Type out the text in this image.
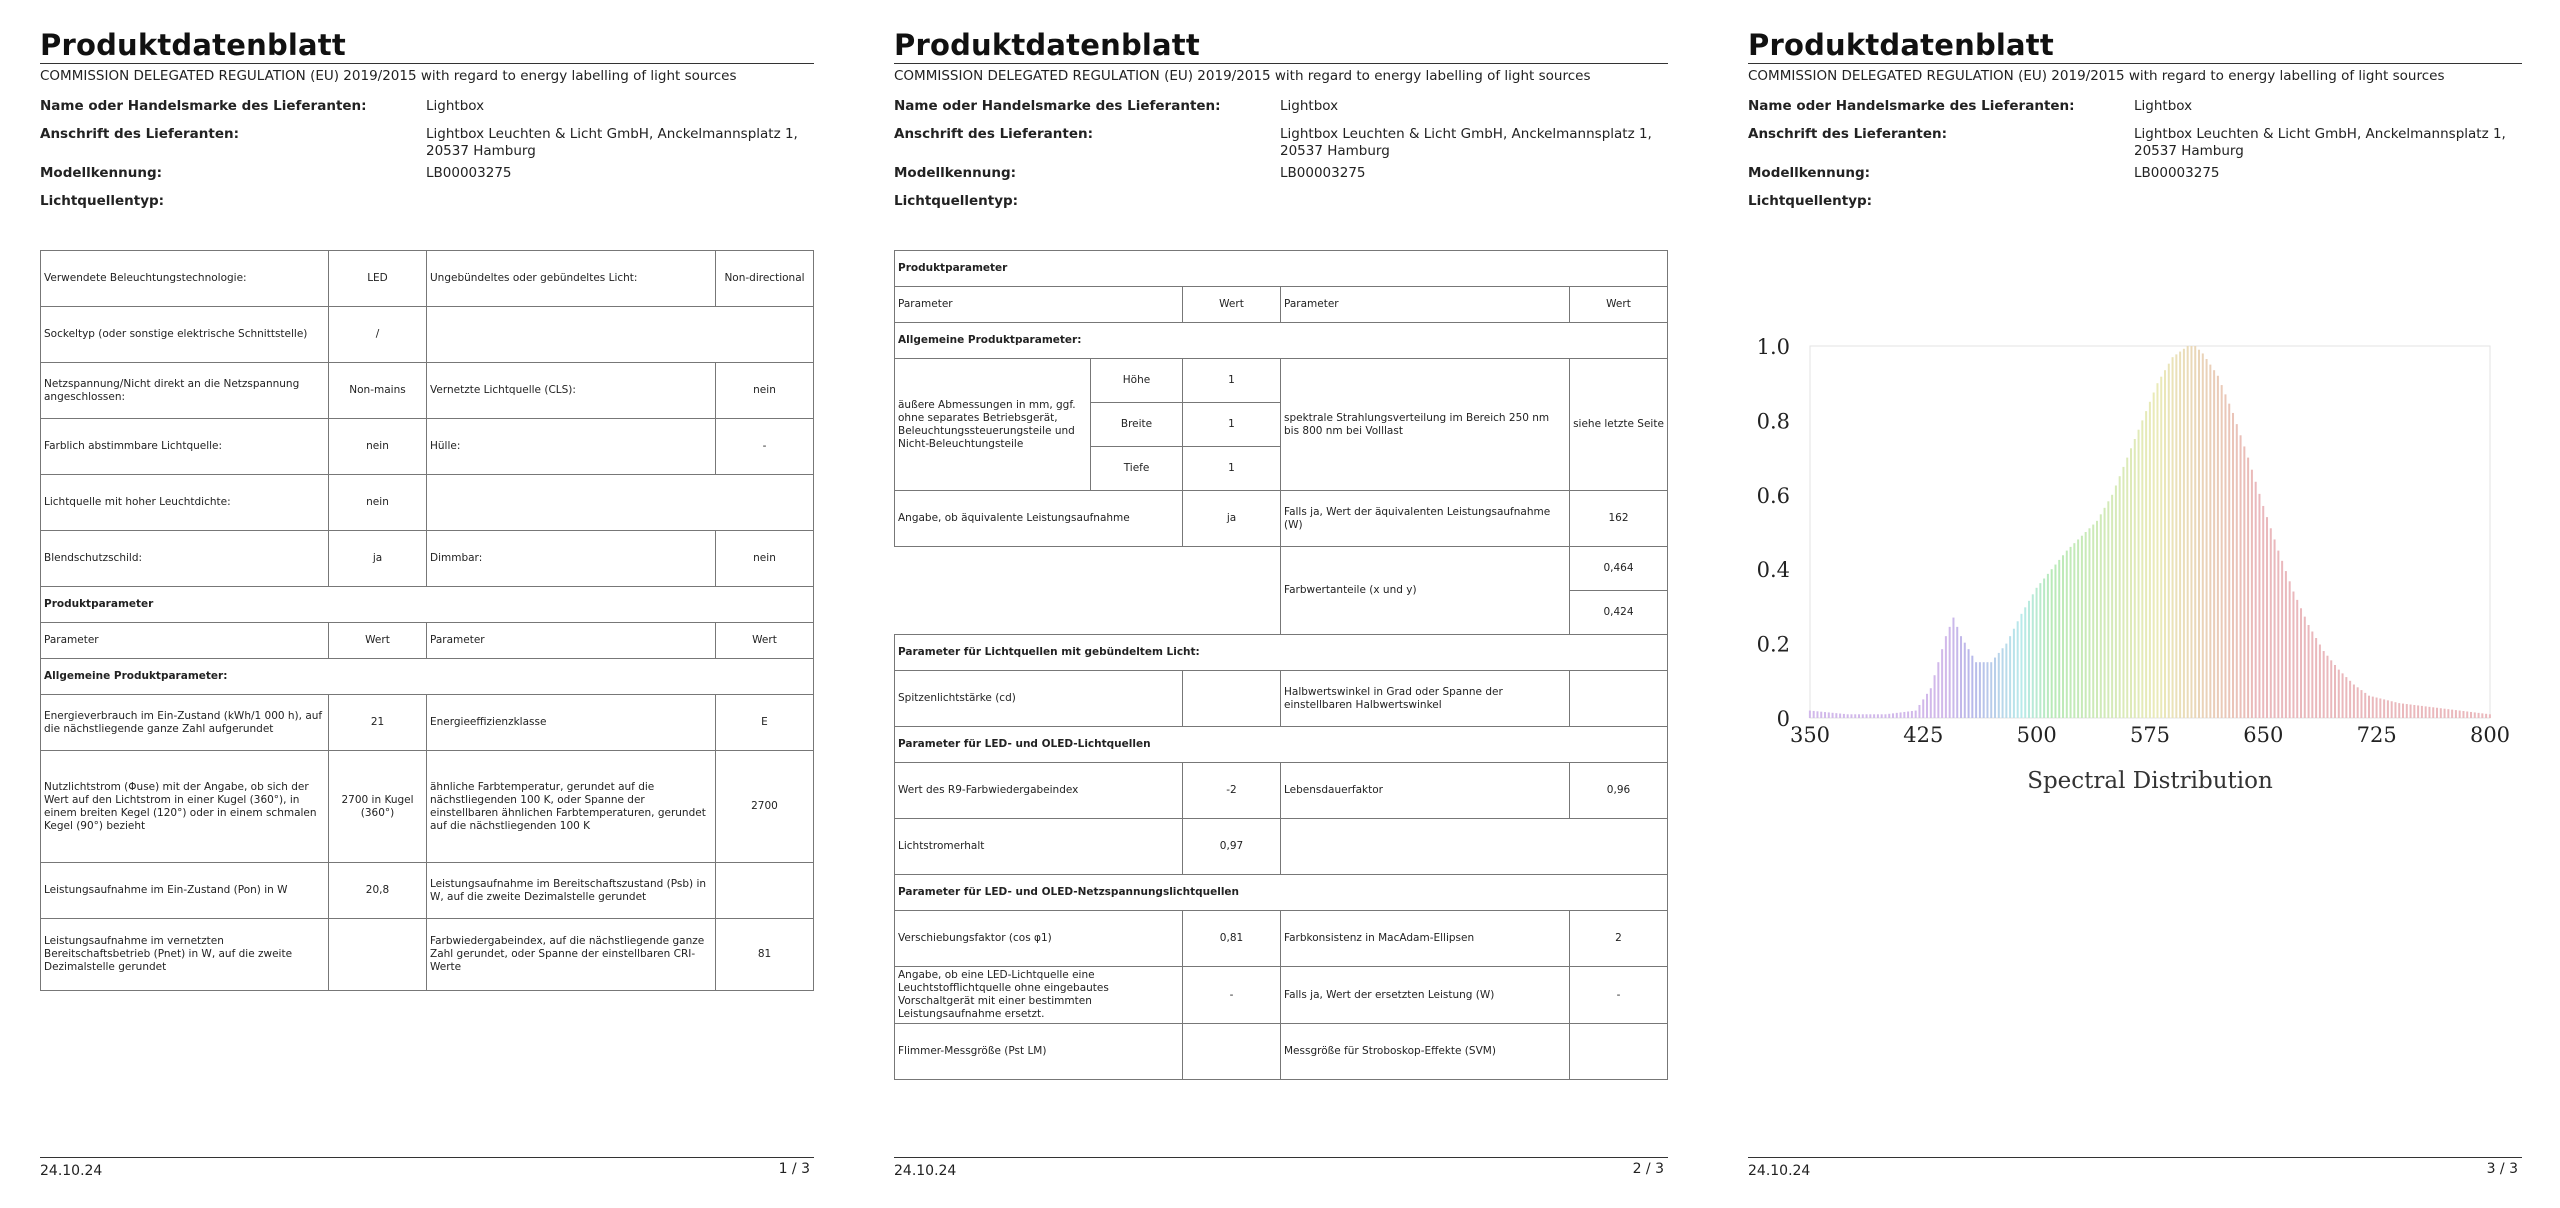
Produktdatenblatt
COMMISSION DELEGATED REGULATION (EU) 2019/2015 with regard to energy labelling of light sources
Name oder Handelsmarke des Lieferanten:	Lightbox
Anschrift des Lieferanten:	Lightbox Leuchten & Licht GmbH, Anckelmannsplatz 1, 20537 Hamburg
Modellkennung:	LB00003275
Lichtquellentyp:
Verwendete Beleuchtungstechnologie:	LED	Ungebündeltes oder gebündeltes Licht:	Non-directional
Sockeltyp (oder sonstige elektrische Schnittstelle)	/		
Netzspannung/Nicht direkt an die Netzspannung angeschlossen:	Non-mains	Vernetzte Lichtquelle (CLS):	nein
Farblich abstimmbare Lichtquelle:	nein	Hülle:	-
Lichtquelle mit hoher Leuchtdichte:	nein		
Blendschutzschild:	ja	Dimmbar:	nein
Produktparameter			
Parameter	Wert	Parameter	Wert
Allgemeine Produktparameter:			
Energieverbrauch im Ein-Zustand (kWh/1 000 h), auf die nächstliegende ganze Zahl aufgerundet	21	Energieeffizienzklasse	E
Nutzlichtstrom (Φuse) mit der Angabe, ob sich der Wert auf den Lichtstrom in einer Kugel (360°), in einem breiten Kegel (120°) oder in einem schmalen Kegel (90°) bezieht	2700 in Kugel (360°)	ähnliche Farbtemperatur, gerundet auf die nächstliegenden 100 K, oder Spanne der einstellbaren ähnlichen Farbtemperaturen, gerundet auf die nächstliegenden 100 K	2700
Leistungsaufnahme im Ein-Zustand (Pon) in W	20,8	Leistungsaufnahme im Bereitschaftszustand (Psb) in W, auf die zweite Dezimalstelle gerundet	
Leistungsaufnahme im vernetzten Bereitschaftsbetrieb (Pnet) in W, auf die zweite Dezimalstelle gerundet		Farbwiedergabeindex, auf die nächstliegende ganze Zahl gerundet, oder Spanne der einstellbaren CRI-Werte	81
24.10.24	1 / 3
Produktdatenblatt
COMMISSION DELEGATED REGULATION (EU) 2019/2015 with regard to energy labelling of light sources
Name oder Handelsmarke des Lieferanten:	Lightbox
Anschrift des Lieferanten:	Lightbox Leuchten & Licht GmbH, Anckelmannsplatz 1, 20537 Hamburg
Modellkennung:	LB00003275
Lichtquellentyp:
Produktparameter				
Parameter		Wert	Parameter	Wert
Allgemeine Produktparameter:				
äußere Abmessungen in mm, ggf. ohne separates Betriebsgerät, Beleuchtungssteuerungsteile und Nicht-Beleuchtungsteile	Höhe	1	spektrale Strahlungsverteilung im Bereich 250 nm bis 800 nm bei Volllast	siehe letzte Seite
	Breite	1		
	Tiefe	1		
Angabe, ob äquivalente Leistungsaufnahme		ja	Falls ja, Wert der äquivalenten Leistungsaufnahme (W)	162
			Farbwertanteile (x und y)	0,464
				0,424
Parameter für Lichtquellen mit gebündeltem Licht:				
Spitzenlichtstärke (cd)			Halbwertswinkel in Grad oder Spanne der einstellbaren Halbwertswinkel	
Parameter für LED- und OLED-Lichtquellen				
Wert des R9-Farbwiedergabeindex		-2	Lebensdauerfaktor	0,96
Lichtstromerhalt		0,97		
Parameter für LED- und OLED-Netzspannungslichtquellen				
Verschiebungsfaktor (cos φ1)		0,81	Farbkonsistenz in MacAdam-Ellipsen	2
Angabe, ob eine LED-Lichtquelle eine Leuchtstofflichtquelle ohne eingebautes Vorschaltgerät mit einer bestimmten Leistungsaufnahme ersetzt.		-	Falls ja, Wert der ersetzten Leistung (W)	-
Flimmer-Messgröße (Pst LM)			Messgröße für Stroboskop-Effekte (SVM)	
24.10.24	2 / 3
Produktdatenblatt
COMMISSION DELEGATED REGULATION (EU) 2019/2015 with regard to energy labelling of light sources
Name oder Handelsmarke des Lieferanten:	Lightbox
Anschrift des Lieferanten:	Lightbox Leuchten & Licht GmbH, Anckelmannsplatz 1, 20537 Hamburg
Modellkennung:	LB00003275
Lichtquellentyp:
0
0.2
0.4
0.6
0.8
1.0
350	425	500	575	650	725	800
Spectral Distribution
24.10.24	3 / 3
